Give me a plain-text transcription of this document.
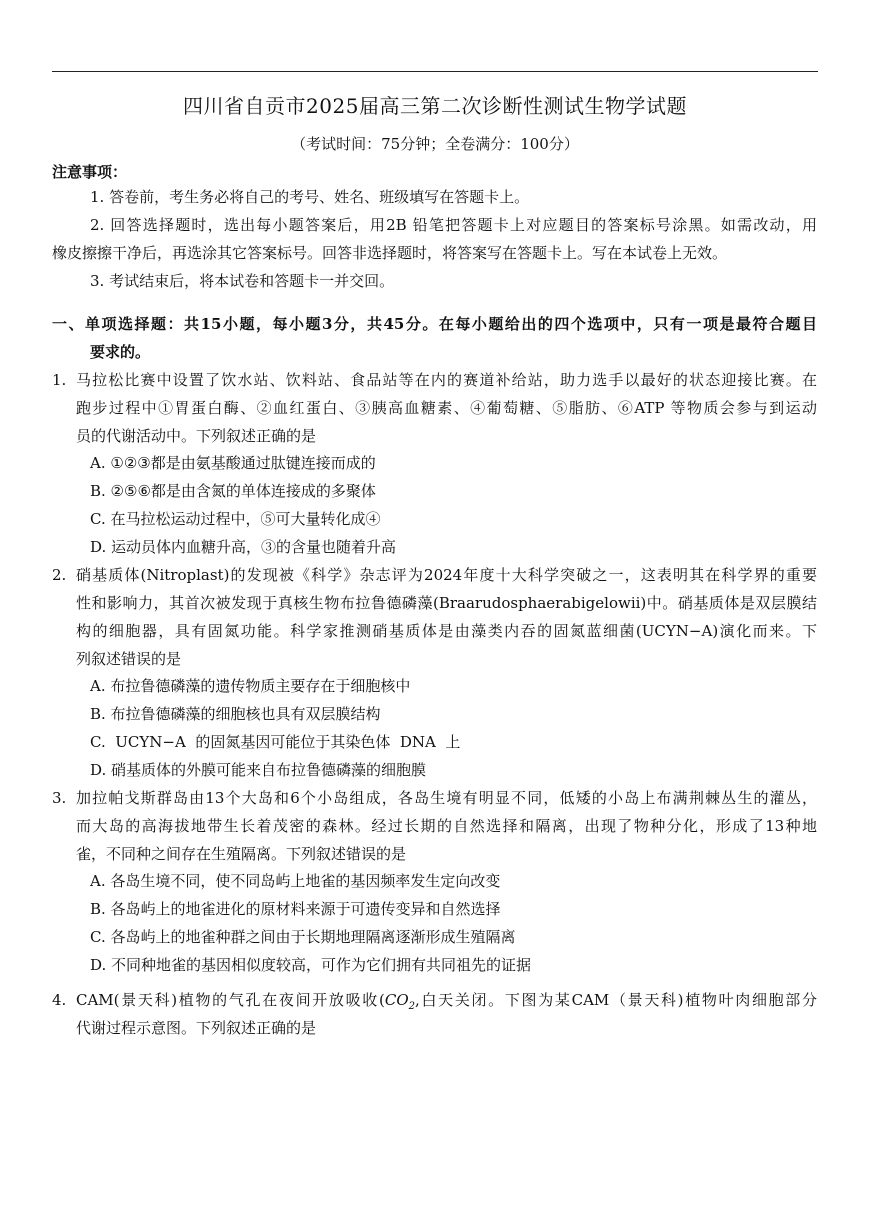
四川省自贡市2025届高三第二次诊断性测试生物学试题
（考试时间：75分钟；全卷满分：100分）
注意事项：
1. 答卷前，考生务必将自己的考号、姓名、班级填写在答题卡上。
2. 回答选择题时，选出每小题答案后，用2B 铅笔把答题卡上对应题目的答案标号涂黑。如需改动，用
橡皮擦擦干净后，再选涂其它答案标号。回答非选择题时，将答案写在答题卡上。写在本试卷上无效。
3. 考试结束后，将本试卷和答题卡一并交回。
一、单项选择题：共15小题，每小题3分，共45分。在每小题给出的四个选项中，只有一项是最符合题目
要求的。
1. 马拉松比赛中设置了饮水站、饮料站、食品站等在内的赛道补给站，助力选手以最好的状态迎接比赛。在
跑步过程中①胃蛋白酶、②血红蛋白、③胰高血糖素、④葡萄糖、⑤脂肪、⑥ATP 等物质会参与到运动
员的代谢活动中。下列叙述正确的是
A. ①②③都是由氨基酸通过肽键连接而成的
B. ②⑤⑥都是由含氮的单体连接成的多聚体
C. 在马拉松运动过程中，⑤可大量转化成④
D. 运动员体内血糖升高，③的含量也随着升高
2. 硝基质体(Nitroplast)的发现被《科学》杂志评为2024年度十大科学突破之一，这表明其在科学界的重要
性和影响力，其首次被发现于真核生物布拉鲁德磷藻(Braarudosphaerabigelowii)中。硝基质体是双层膜结
构的细胞器，具有固氮功能。科学家推测硝基质体是由藻类内吞的固氮蓝细菌(UCYN−A)演化而来。下
列叙述错误的是
A. 布拉鲁德磷藻的遗传物质主要存在于细胞核中
B. 布拉鲁德磷藻的细胞核也具有双层膜结构
C.  UCYN−A  的固氮基因可能位于其染色体  DNA  上
D. 硝基质体的外膜可能来自布拉鲁德磷藻的细胞膜
3. 加拉帕戈斯群岛由13个大岛和6个小岛组成，各岛生境有明显不同，低矮的小岛上布满荆棘丛生的灌丛，
而大岛的高海拔地带生长着茂密的森林。经过长期的自然选择和隔离，出现了物种分化，形成了13种地
雀，不同种之间存在生殖隔离。下列叙述错误的是
A. 各岛生境不同，使不同岛屿上地雀的基因频率发生定向改变
B. 各岛屿上的地雀进化的原材料来源于可遗传变异和自然选择
C. 各岛屿上的地雀种群之间由于长期地理隔离逐渐形成生殖隔离
D. 不同种地雀的基因相似度较高，可作为它们拥有共同祖先的证据
4. CAM(景天科)植物的气孔在夜间开放吸收($CO_2$,白天关闭。下图为某CAM（景天科)植物叶肉细胞部分
代谢过程示意图。下列叙述正确的是
